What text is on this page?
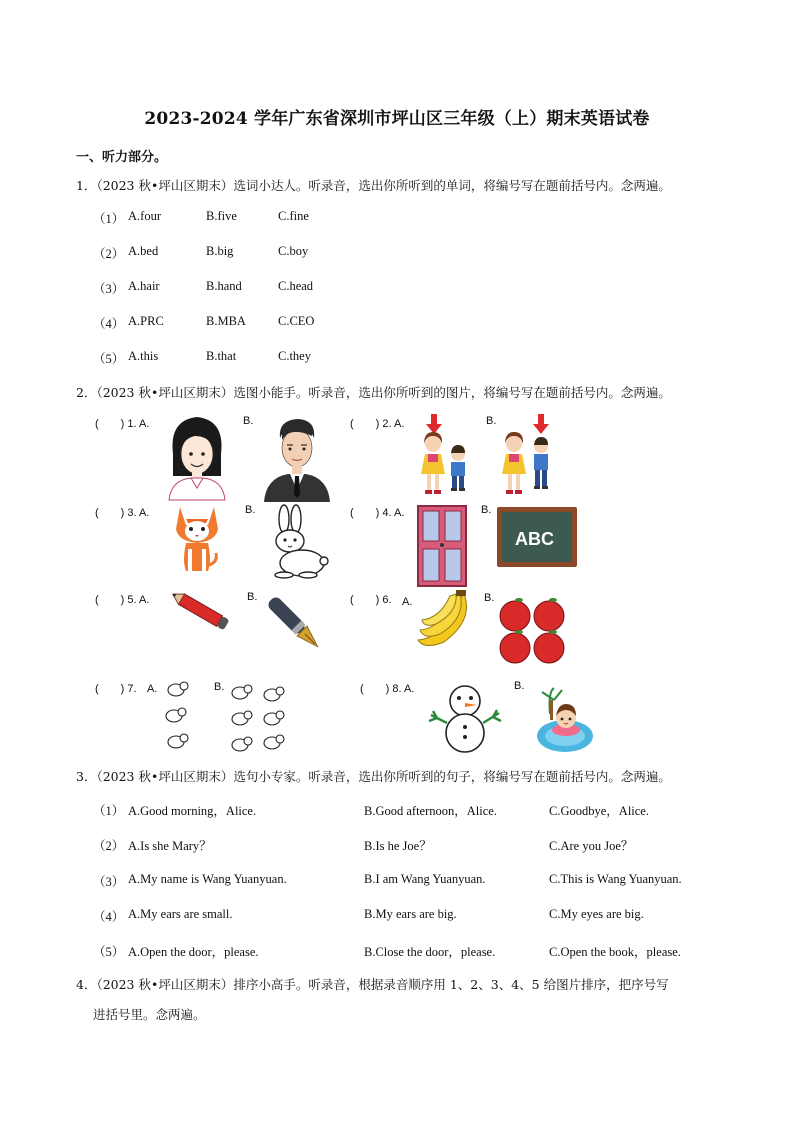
2023-2024 学年广东省深圳市坪山区三年级（上）期末英语试卷
一、听力部分。
1．（2023 秋•坪山区期末）选词小达人。听录音，选出你所听到的单词，将编号写在题前括号内。念两遍。
（1） A.four	B.five	C.fine
（2） A.bed	B.big	C.boy
（3） A.hair	B.hand	C.head
（4） A.PRC	B.MBA	C.CEO
（5） A.this	B.that	C.they
2．（2023 秋•坪山区期末）选图小能手。听录音，选出你所听到的图片，将编号写在题前括号内。念两遍。
(　　) 1. A.	B.	(　　) 2. A.	B.
(　　) 3. A.	B.	(　　) 4. A.	B.
ABC
(　　) 5. A.	B.	(　　) 6. A.	B.
(　　) 7. A.	B.	(　　) 8. A.	B.
3．（2023 秋•坪山区期末）选句小专家。听录音，选出你所听到的句子，将编号写在题前括号内。念两遍。
（1） A.Good morning，Alice.	B.Good afternoon，Alice.	C.Goodbye，Alice.
（2） A.Is she Mary？	B.Is he Joe？	C.Are you Joe？
（3） A.My name is Wang Yuanyuan.	B.I am Wang Yuanyuan.	C.This is Wang Yuanyuan.
（4） A.My ears are small.	B.My ears are big.	C.My eyes are big.
（5） A.Open the door，please.	B.Close the door，please.	C.Open the book，please.
4．（2023 秋•坪山区期末）排序小高手。听录音，根据录音顺序用 1、2、3、4、5 给图片排序，把序号写
进括号里。念两遍。
